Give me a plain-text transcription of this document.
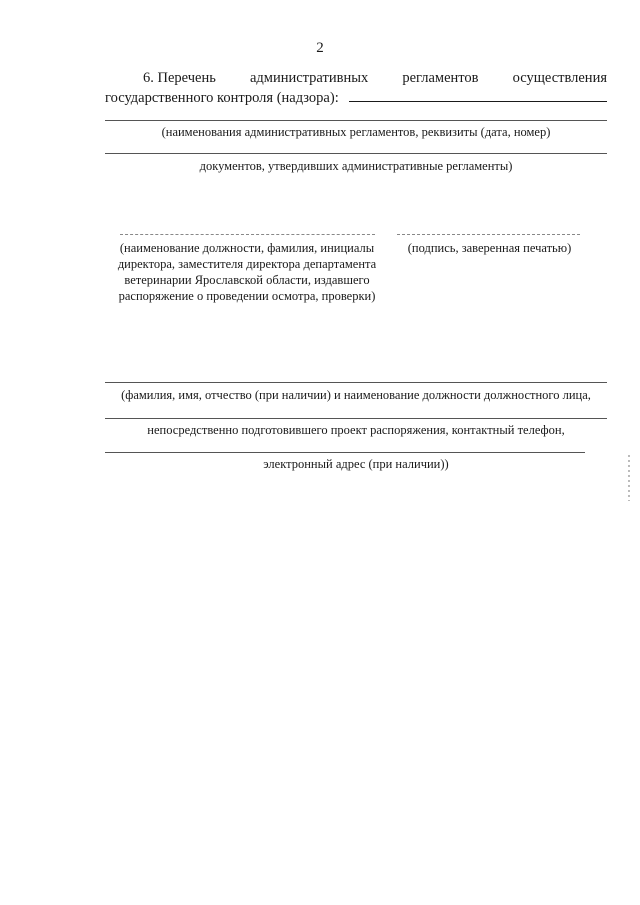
2
6. Перечень административных регламентов осуществления
государственного контроля (надзора):
(наименования административных регламентов, реквизиты (дата, номер)
документов, утвердивших административные регламенты)
(наименование должности, фамилия, инициалы директора, заместителя директора департамента ветеринарии Ярославской области, издавшего распоряжение о проведении осмотра, проверки)
(подпись, заверенная печатью)
(фамилия, имя, отчество (при наличии) и наименование должности должностного лица,
непосредственно подготовившего проект распоряжения, контактный телефон,
электронный адрес (при наличии))
